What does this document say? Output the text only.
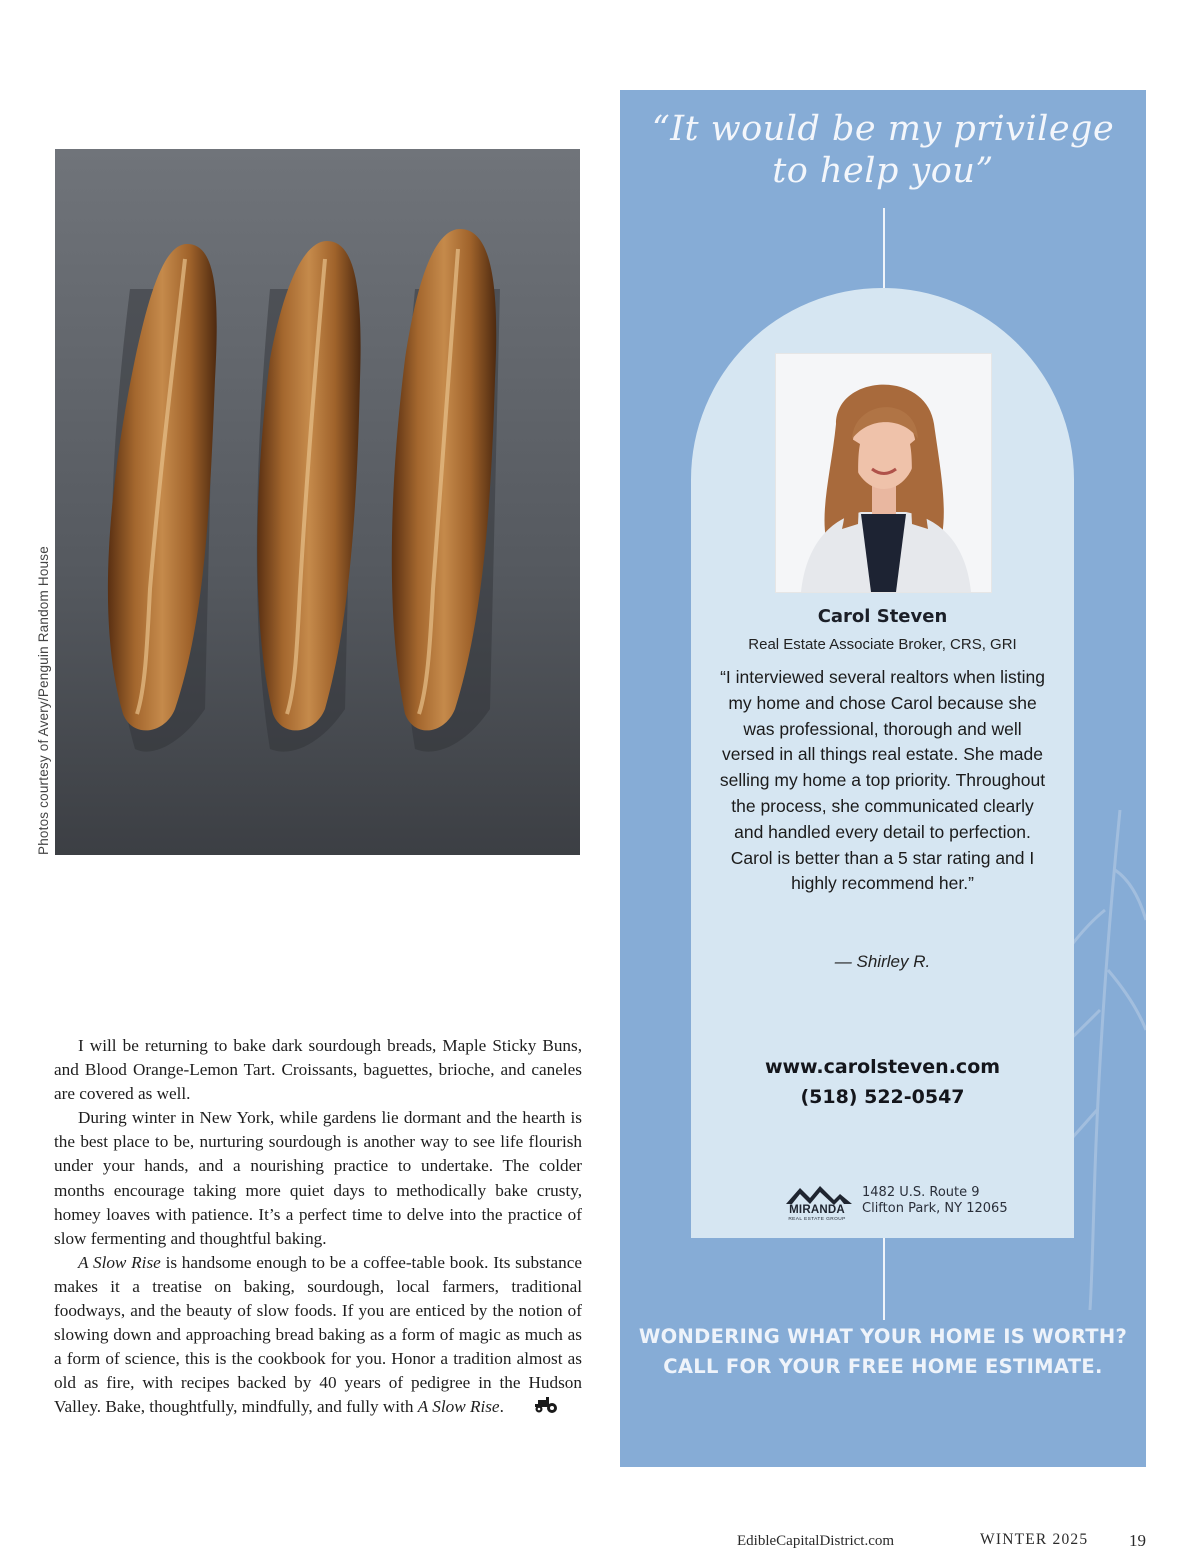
Photos courtesy of Avery/Penguin Random House

I will be returning to bake dark sourdough breads, Maple Sticky Buns, and Blood Orange-Lemon Tart. Croissants, baguettes, brioche, and caneles are covered as well.

During winter in New York, while gardens lie dormant and the hearth is the best place to be, nurturing sourdough is another way to see life flourish under your hands, and a nourishing practice to undertake. The colder months encourage taking more quiet days to methodically bake crusty, homey loaves with patience. It’s a perfect time to delve into the practice of slow fermenting and thoughtful baking.

A Slow Rise is handsome enough to be a coffee-table book. Its substance makes it a treatise on baking, sourdough, local farmers, traditional foodways, and the beauty of slow foods. If you are enticed by the notion of slowing down and approaching bread baking as a form of magic as much as a form of science, this is the cookbook for you. Honor a tradition almost as old as fire, with recipes backed by 40 years of pedigree in the Hudson Valley. Bake, thoughtfully, mindfully, and fully with A Slow Rise.

“It would be my privilege
to help you”
Carol Steven
Real Estate Associate Broker, CRS, GRI
“I interviewed several realtors when listing my home and chose Carol because she was professional, thorough and well versed in all things real estate. She made selling my home a top priority. Throughout the process, she communicated clearly and handled every detail to perfection. Carol is better than a 5 star rating and I highly recommend her.”
— Shirley R.
www.carolsteven.com
(518) 522-0547
MIRANDA
REAL ESTATE GROUP
1482 U.S. Route 9
Clifton Park, NY 12065
WONDERING WHAT YOUR HOME IS WORTH?
CALL FOR YOUR FREE HOME ESTIMATE.
EdibleCapitalDistrict.com	WINTER 2025 19
